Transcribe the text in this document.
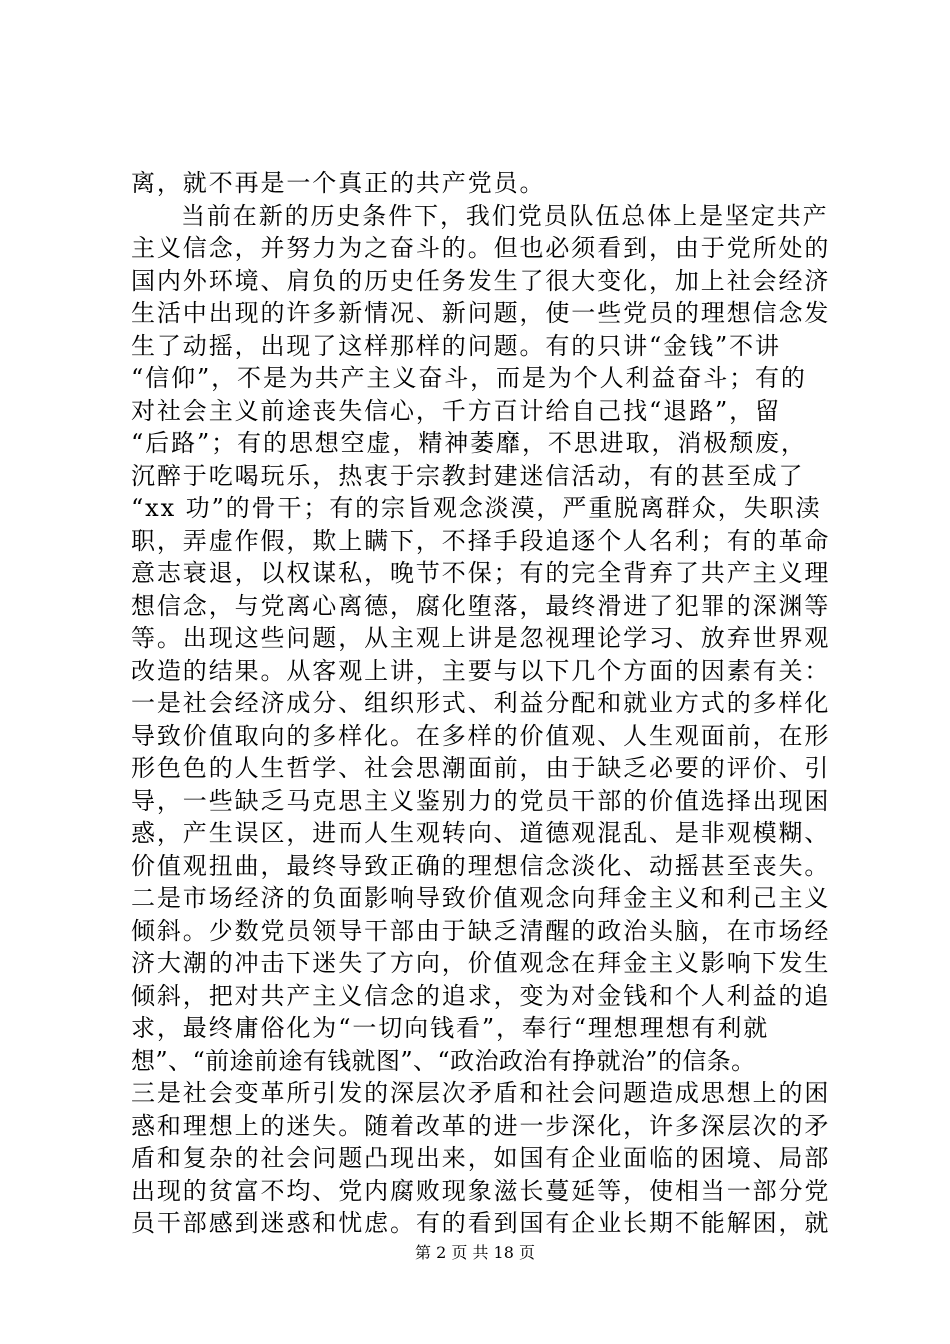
离，就不再是一个真正的共产党员。
当前在新的历史条件下，我们党员队伍总体上是坚定共产
主义信念，并努力为之奋斗的。但也必须看到，由于党所处的
国内外环境、肩负的历史任务发生了很大变化，加上社会经济
生活中出现的许多新情况、新问题，使一些党员的理想信念发
生了动摇，出现了这样那样的问题。有的只讲“金钱”不讲
“信仰”，不是为共产主义奋斗，而是为个人利益奋斗；有的
对社会主义前途丧失信心，千方百计给自己找“退路”，留
“后路”；有的思想空虚，精神萎靡，不思进取，消极颓废，
沉醉于吃喝玩乐，热衷于宗教封建迷信活动，有的甚至成了
“xx 功”的骨干；有的宗旨观念淡漠，严重脱离群众，失职渎
职，弄虚作假，欺上瞒下，不择手段追逐个人名利；有的革命
意志衰退，以权谋私，晚节不保；有的完全背弃了共产主义理
想信念，与党离心离德，腐化堕落，最终滑进了犯罪的深渊等
等。出现这些问题，从主观上讲是忽视理论学习、放弃世界观
改造的结果。从客观上讲，主要与以下几个方面的因素有关：
一是社会经济成分、组织形式、利益分配和就业方式的多样化
导致价值取向的多样化。在多样的价值观、人生观面前，在形
形色色的人生哲学、社会思潮面前，由于缺乏必要的评价、引
导，一些缺乏马克思主义鉴别力的党员干部的价值选择出现困
惑，产生误区，进而人生观转向、道德观混乱、是非观模糊、
价值观扭曲，最终导致正确的理想信念淡化、动摇甚至丧失。
二是市场经济的负面影响导致价值观念向拜金主义和利己主义
倾斜。少数党员领导干部由于缺乏清醒的政治头脑，在市场经
济大潮的冲击下迷失了方向，价值观念在拜金主义影响下发生
倾斜，把对共产主义信念的追求，变为对金钱和个人利益的追
求，最终庸俗化为“一切向钱看”，奉行“理想理想有利就
想”、“前途前途有钱就图”、“政治政治有挣就治”的信条。
三是社会变革所引发的深层次矛盾和社会问题造成思想上的困
惑和理想上的迷失。随着改革的进一步深化，许多深层次的矛
盾和复杂的社会问题凸现出来，如国有企业面临的困境、局部
出现的贫富不均、党内腐败现象滋长蔓延等，使相当一部分党
员干部感到迷惑和忧虑。有的看到国有企业长期不能解困，就
第 2 页 共 18 页
